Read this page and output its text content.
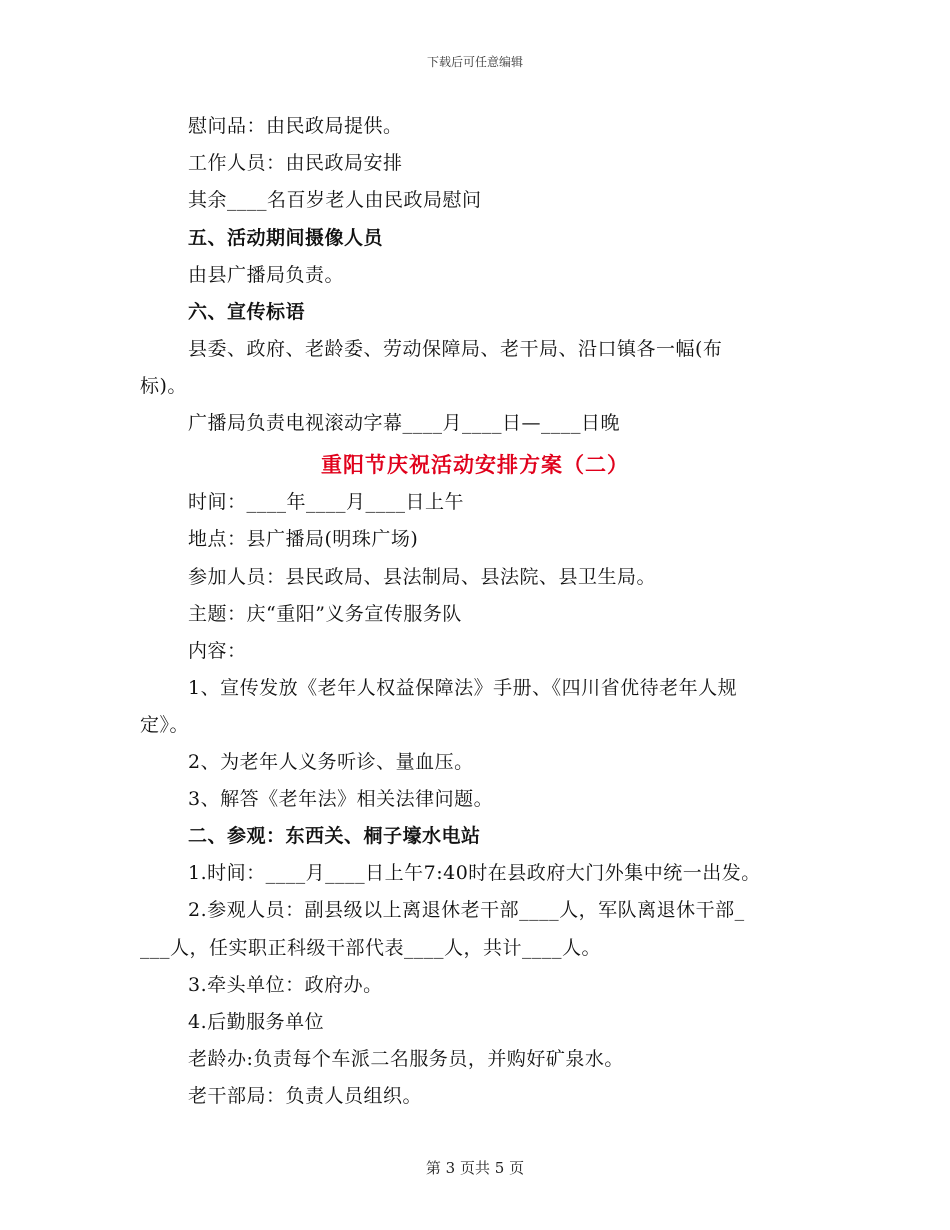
下载后可任意编辑
慰问品：由民政局提供。
工作人员：由民政局安排
其余____名百岁老人由民政局慰问
五、活动期间摄像人员
由县广播局负责。
六、宣传标语
县委、政府、老龄委、劳动保障局、老干局、沿口镇各一幅(布
标)。
广播局负责电视滚动字幕____月____日—____日晚
重阳节庆祝活动安排方案（二）
时间：____年____月____日上午
地点：县广播局(明珠广场)
参加人员：县民政局、县法制局、县法院、县卫生局。
主题：庆“重阳”义务宣传服务队
内容：
1、宣传发放《老年人权益保障法》手册、《四川省优待老年人规
定》。
2、为老年人义务听诊、量血压。
3、解答《老年法》相关法律问题。
二、参观：东西关、桐子壕水电站
1.时间：____月____日上午7:40时在县政府大门外集中统一出发。
2.参观人员：副县级以上离退休老干部____人，军队离退休干部_
___人，任实职正科级干部代表____人，共计____人。
3.牵头单位：政府办。
4.后勤服务单位
老龄办:负责每个车派二名服务员，并购好矿泉水。
老干部局：负责人员组织。
第 3 页共 5 页
